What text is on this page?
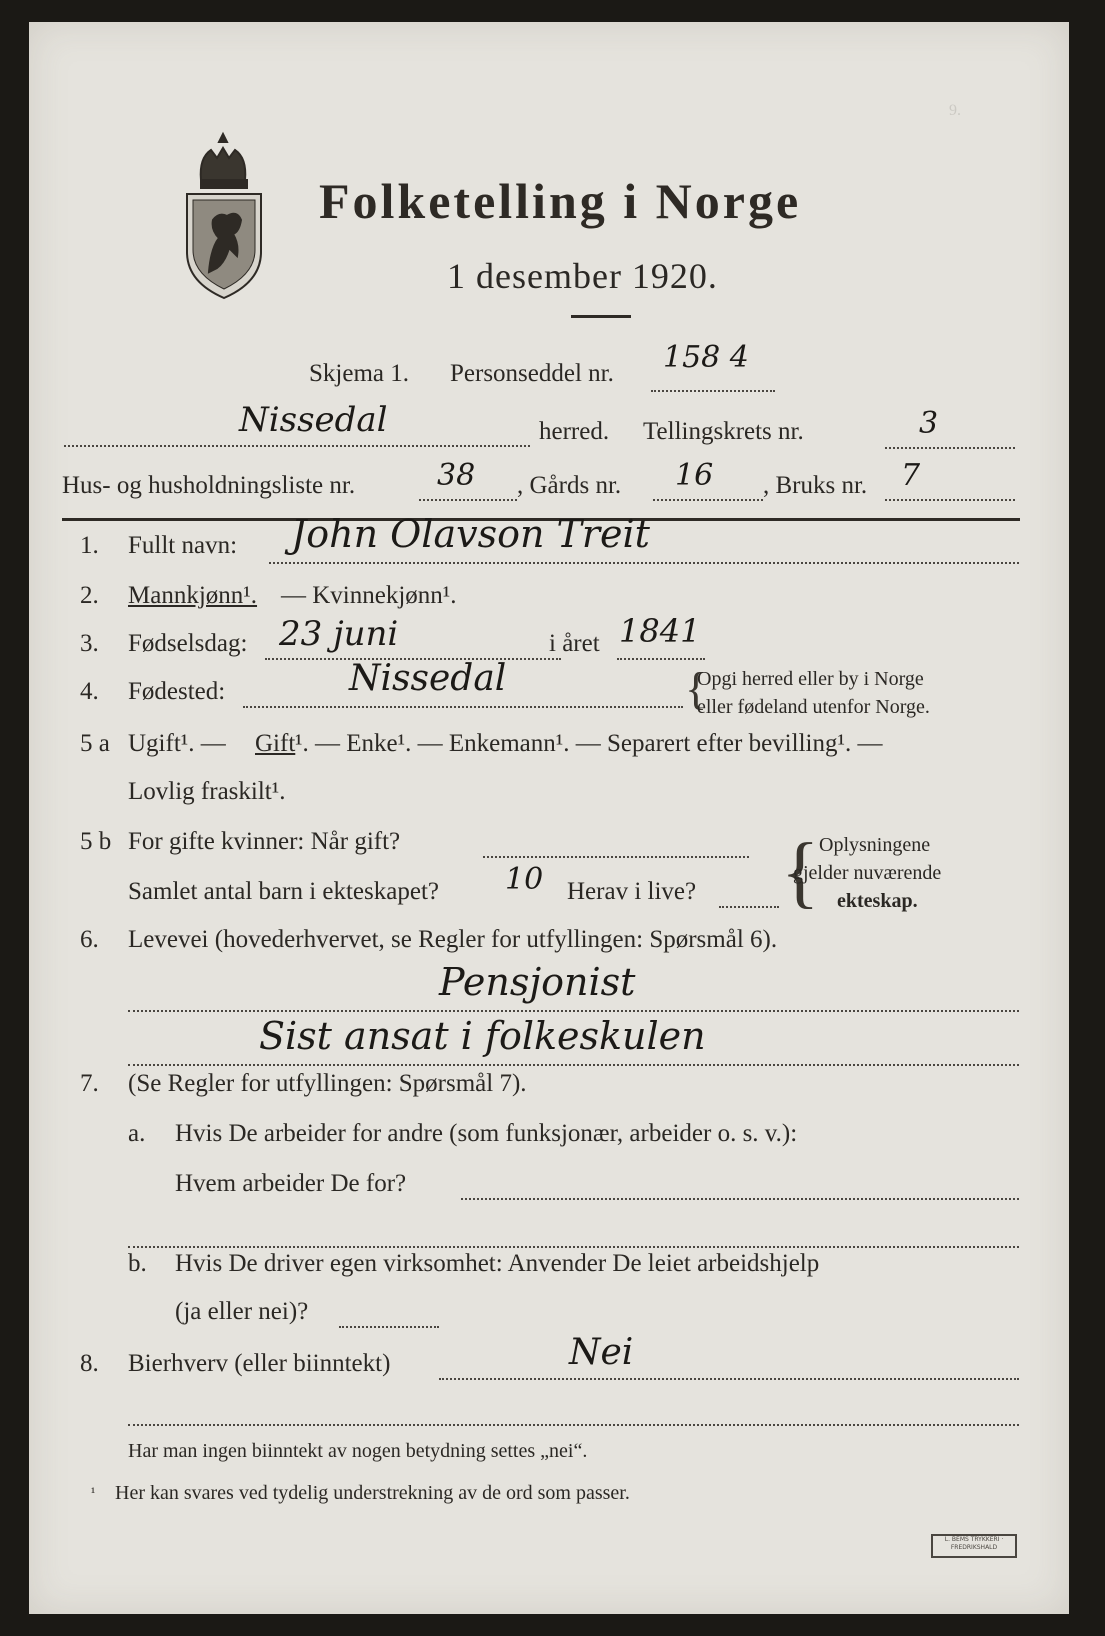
9.
Folketelling i Norge
1 desember 1920.
Skjema 1. Personseddel nr. 158 4
Nissedal	herred. Tellingskrets nr.	3
Hus- og husholdningsliste nr.	38 , Gårds nr. 16 , Bruks nr. 7
1. Fullt navn: John Olavson Treit
2. Mannkjønn¹. — Kvinnekjønn¹.
3. Fødselsdag: 23 juni	i året 1841
4. Fødested:	Nissedal	{
Opgi herred eller by i Norge
eller fødeland utenfor Norge.
5 a Ugift¹. — Gift ¹. — Enke¹. — Enkemann¹. — Separert efter bevilling¹. —
Lovlig fraskilt¹.
5 b For gifte kvinner: Når gift?
Samlet antal barn i ekteskapet? 10 Herav i live? { Oplysningene
gjelder nuværende
ekteskap.
6. Levevei (hovederhvervet, se Regler for utfyllingen: Spørsmål 6).
Pensjonist
Sist ansat i folkeskulen
7. (Se Regler for utfyllingen: Spørsmål 7).
a. Hvis De arbeider for andre (som funksjonær, arbeider o. s. v.):
Hvem arbeider De for?
b. Hvis De driver egen virksomhet: Anvender De leiet arbeidshjelp
(ja eller nei)?
8. Bierhverv (eller biinntekt)	Nei
Har man ingen biinntekt av nogen betydning settes „nei“.
¹ Her kan svares ved tydelig understrekning av de ord som passer.
L. BEMS TRYKKERI · FREDRIKSHALD
